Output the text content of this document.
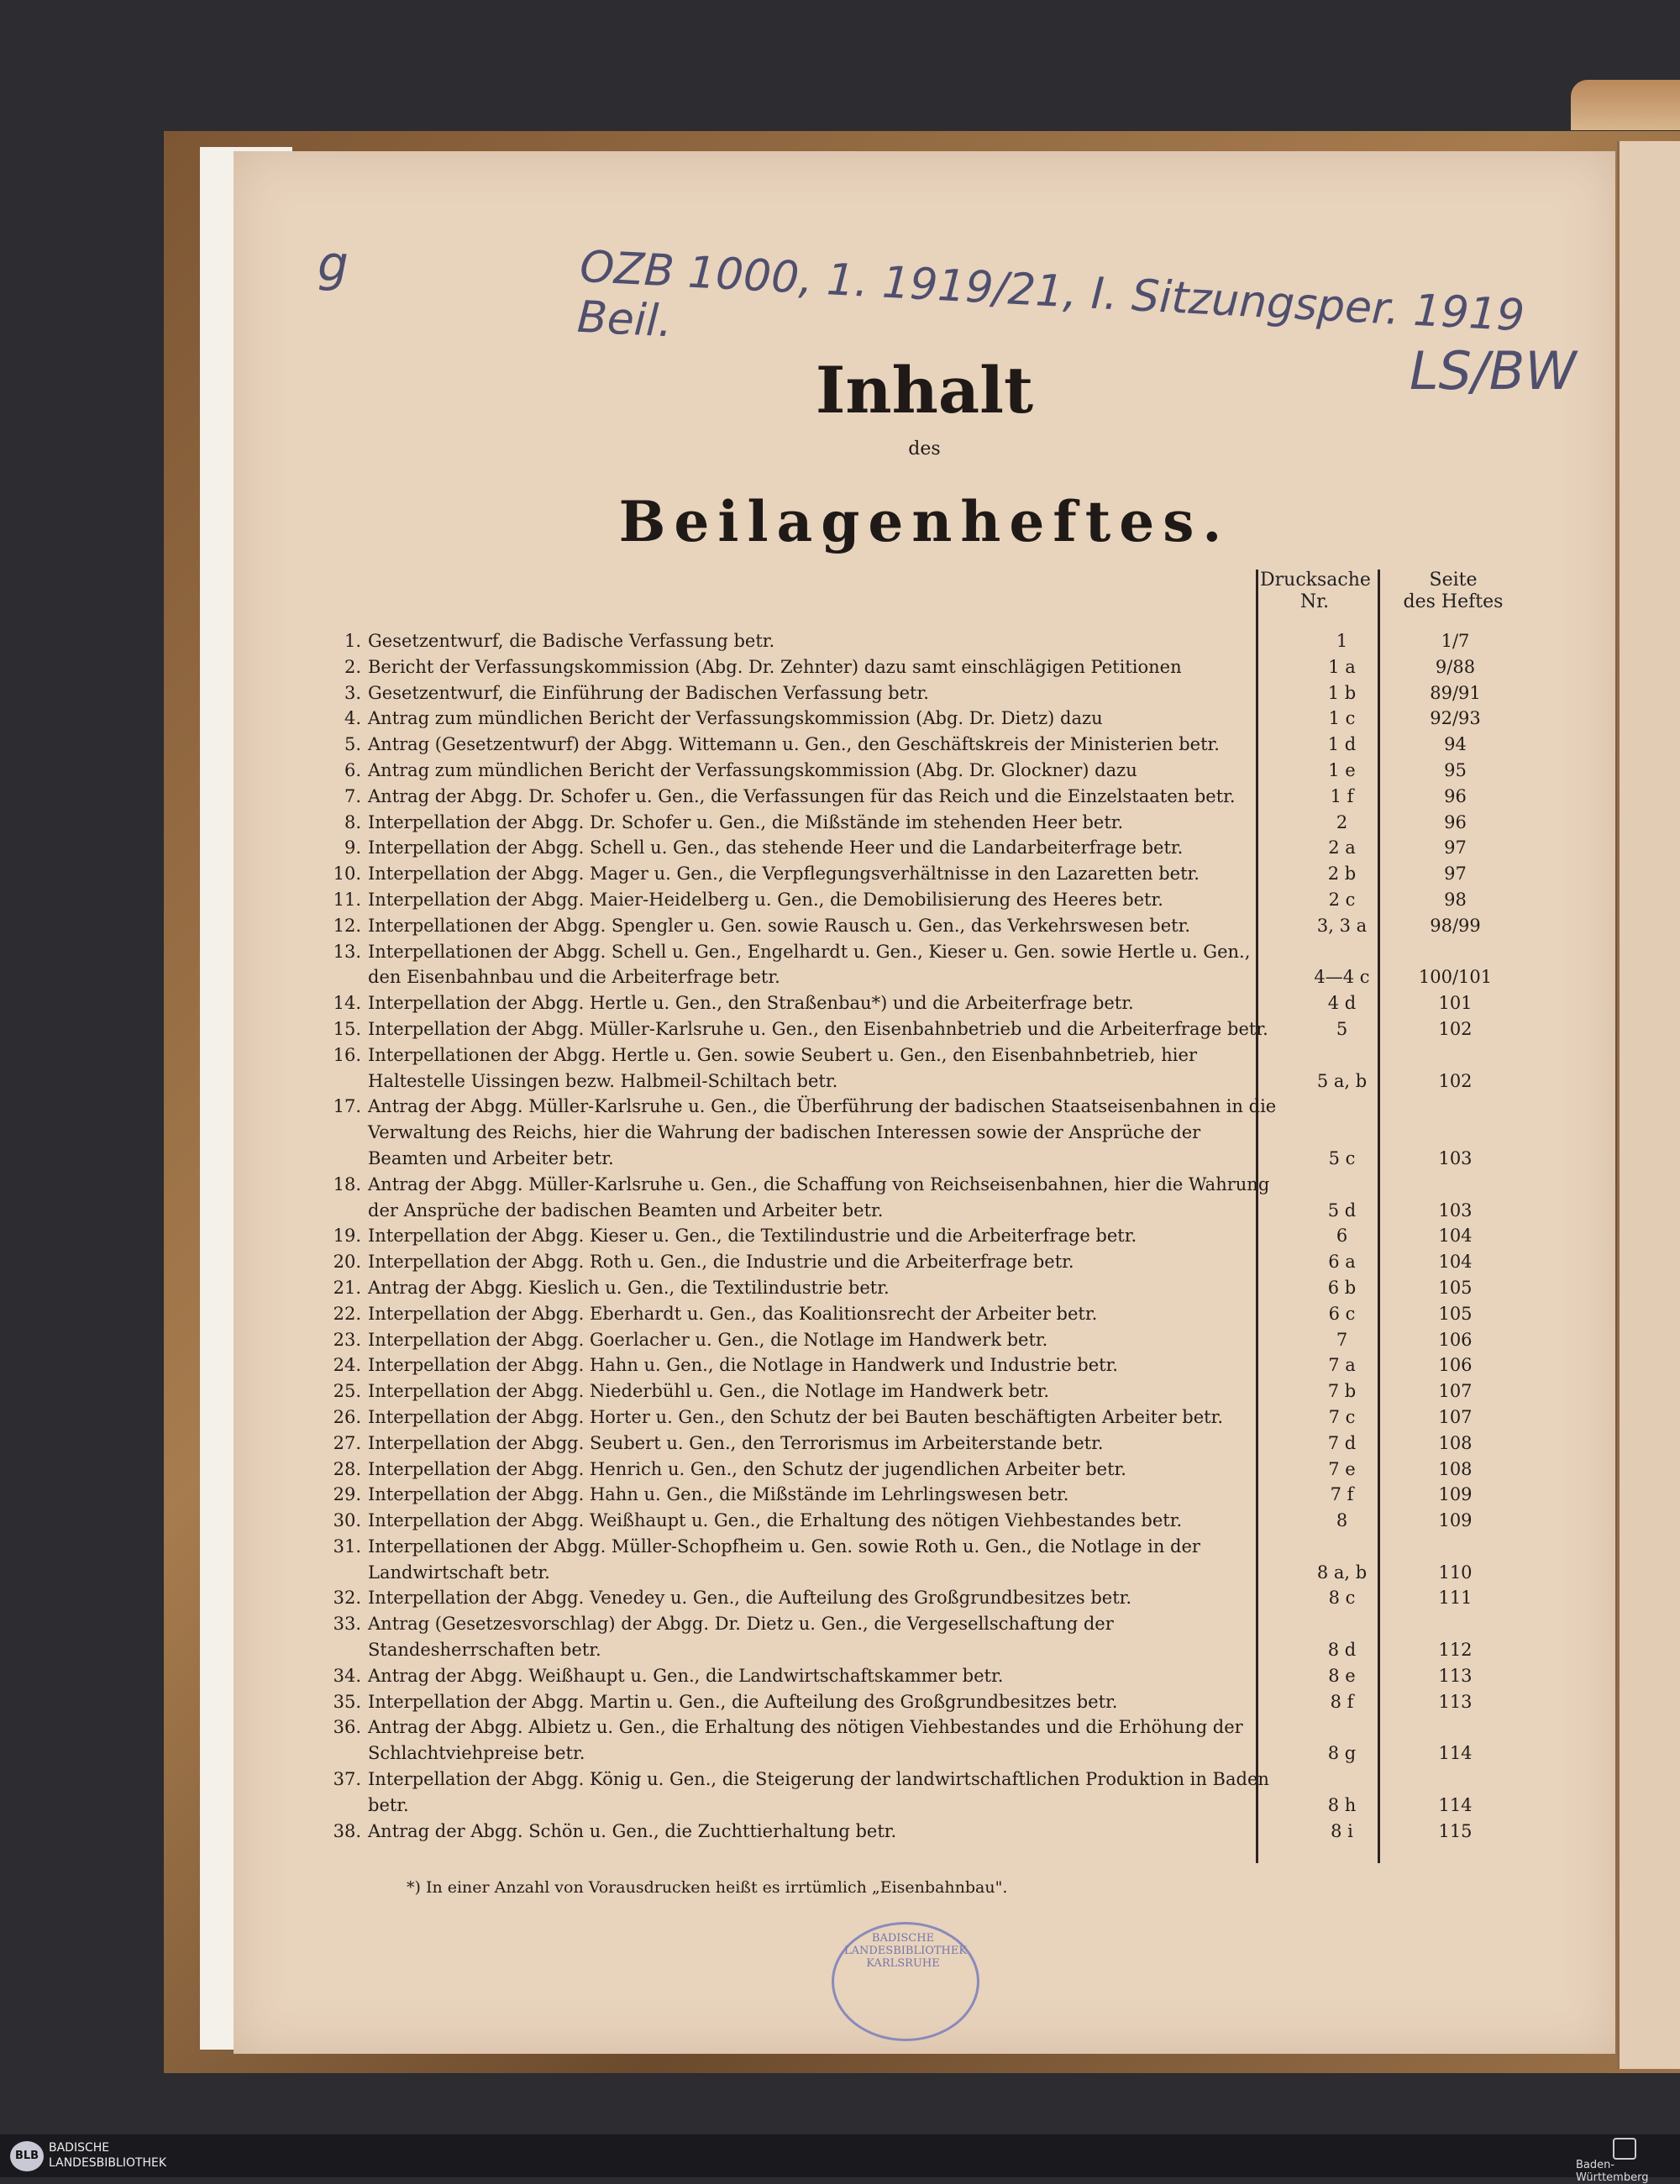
g	OZB 1000, 1. 1919/21, I. Sitzungsper. 1919 Beil.
LS/BW
Inhalt
des
Beilagenheftes.
Drucksache
Nr.
Seite
des Heftes
1. Gesetzentwurf, die Badische Verfassung betr.	1	1/7
2. Bericht der Verfassungskommission (Abg. Dr. Zehnter) dazu samt einschlägigen Petitionen	1 a	9/88
3. Gesetzentwurf, die Einführung der Badischen Verfassung betr.	1 b	89/91
4. Antrag zum mündlichen Bericht der Verfassungskommission (Abg. Dr. Dietz) dazu	1 c	92/93
5. Antrag (Gesetzentwurf) der Abgg. Wittemann u. Gen., den Geschäftskreis der Ministerien betr.	1 d	94
6. Antrag zum mündlichen Bericht der Verfassungskommission (Abg. Dr. Glockner) dazu	1 e	95
7. Antrag der Abgg. Dr. Schofer u. Gen., die Verfassungen für das Reich und die Einzelstaaten betr.	1 f	96
8. Interpellation der Abgg. Dr. Schofer u. Gen., die Mißstände im stehenden Heer betr.	2	96
9. Interpellation der Abgg. Schell u. Gen., das stehende Heer und die Landarbeiterfrage betr.	2 a	97
10. Interpellation der Abgg. Mager u. Gen., die Verpflegungsverhältnisse in den Lazaretten betr.	2 b	97
11. Interpellation der Abgg. Maier-Heidelberg u. Gen., die Demobilisierung des Heeres betr.	2 c	98
12. Interpellationen der Abgg. Spengler u. Gen. sowie Rausch u. Gen., das Verkehrswesen betr.	3, 3 a	98/99
13. Interpellationen der Abgg. Schell u. Gen., Engelhardt u. Gen., Kieser u. Gen. sowie Hertle u. Gen., den Eisenbahnbau und die Arbeiterfrage betr.	4—4 c	100/101
14. Interpellation der Abgg. Hertle u. Gen., den Straßenbau*) und die Arbeiterfrage betr.	4 d	101
15. Interpellation der Abgg. Müller-Karlsruhe u. Gen., den Eisenbahnbetrieb und die Arbeiterfrage betr.	5	102
16. Interpellationen der Abgg. Hertle u. Gen. sowie Seubert u. Gen., den Eisenbahnbetrieb, hier Haltestelle Uissingen bezw. Halbmeil-Schiltach betr.	5 a, b	102
17. Antrag der Abgg. Müller-Karlsruhe u. Gen., die Überführung der badischen Staatseisenbahnen in die Verwaltung des Reichs, hier die Wahrung der badischen Interessen sowie der Ansprüche der Beamten und Arbeiter betr.	5 c	103
18. Antrag der Abgg. Müller-Karlsruhe u. Gen., die Schaffung von Reichseisenbahnen, hier die Wahrung der Ansprüche der badischen Beamten und Arbeiter betr.	5 d	103
19. Interpellation der Abgg. Kieser u. Gen., die Textilindustrie und die Arbeiterfrage betr.	6	104
20. Interpellation der Abgg. Roth u. Gen., die Industrie und die Arbeiterfrage betr.	6 a	104
21. Antrag der Abgg. Kieslich u. Gen., die Textilindustrie betr.	6 b	105
22. Interpellation der Abgg. Eberhardt u. Gen., das Koalitionsrecht der Arbeiter betr.	6 c	105
23. Interpellation der Abgg. Goerlacher u. Gen., die Notlage im Handwerk betr.	7	106
24. Interpellation der Abgg. Hahn u. Gen., die Notlage in Handwerk und Industrie betr.	7 a	106
25. Interpellation der Abgg. Niederbühl u. Gen., die Notlage im Handwerk betr.	7 b	107
26. Interpellation der Abgg. Horter u. Gen., den Schutz der bei Bauten beschäftigten Arbeiter betr.	7 c	107
27. Interpellation der Abgg. Seubert u. Gen., den Terrorismus im Arbeiterstande betr.	7 d	108
28. Interpellation der Abgg. Henrich u. Gen., den Schutz der jugendlichen Arbeiter betr.	7 e	108
29. Interpellation der Abgg. Hahn u. Gen., die Mißstände im Lehrlingswesen betr.	7 f	109
30. Interpellation der Abgg. Weißhaupt u. Gen., die Erhaltung des nötigen Viehbestandes betr.	8	109
31. Interpellationen der Abgg. Müller-Schopfheim u. Gen. sowie Roth u. Gen., die Notlage in der Landwirtschaft betr.	8 a, b	110
32. Interpellation der Abgg. Venedey u. Gen., die Aufteilung des Großgrundbesitzes betr.	8 c	111
33. Antrag (Gesetzesvorschlag) der Abgg. Dr. Dietz u. Gen., die Vergesellschaftung der Standesherrschaften betr.	8 d	112
34. Antrag der Abgg. Weißhaupt u. Gen., die Landwirtschaftskammer betr.	8 e	113
35. Interpellation der Abgg. Martin u. Gen., die Aufteilung des Großgrundbesitzes betr.	8 f	113
36. Antrag der Abgg. Albietz u. Gen., die Erhaltung des nötigen Viehbestandes und die Erhöhung der Schlachtviehpreise betr.	8 g	114
37. Interpellation der Abgg. König u. Gen., die Steigerung der landwirtschaftlichen Produktion in Baden betr.	8 h	114
38. Antrag der Abgg. Schön u. Gen., die Zuchttierhaltung betr.	8 i	115
*) In einer Anzahl von Vorausdrucken heißt es irrtümlich „Eisenbahnbau".
BADISCHE LANDESBIBLIOTHEK KARLSRUHE
BLB
BADISCHE
LANDESBIBLIOTHEK	Baden-Württemberg
